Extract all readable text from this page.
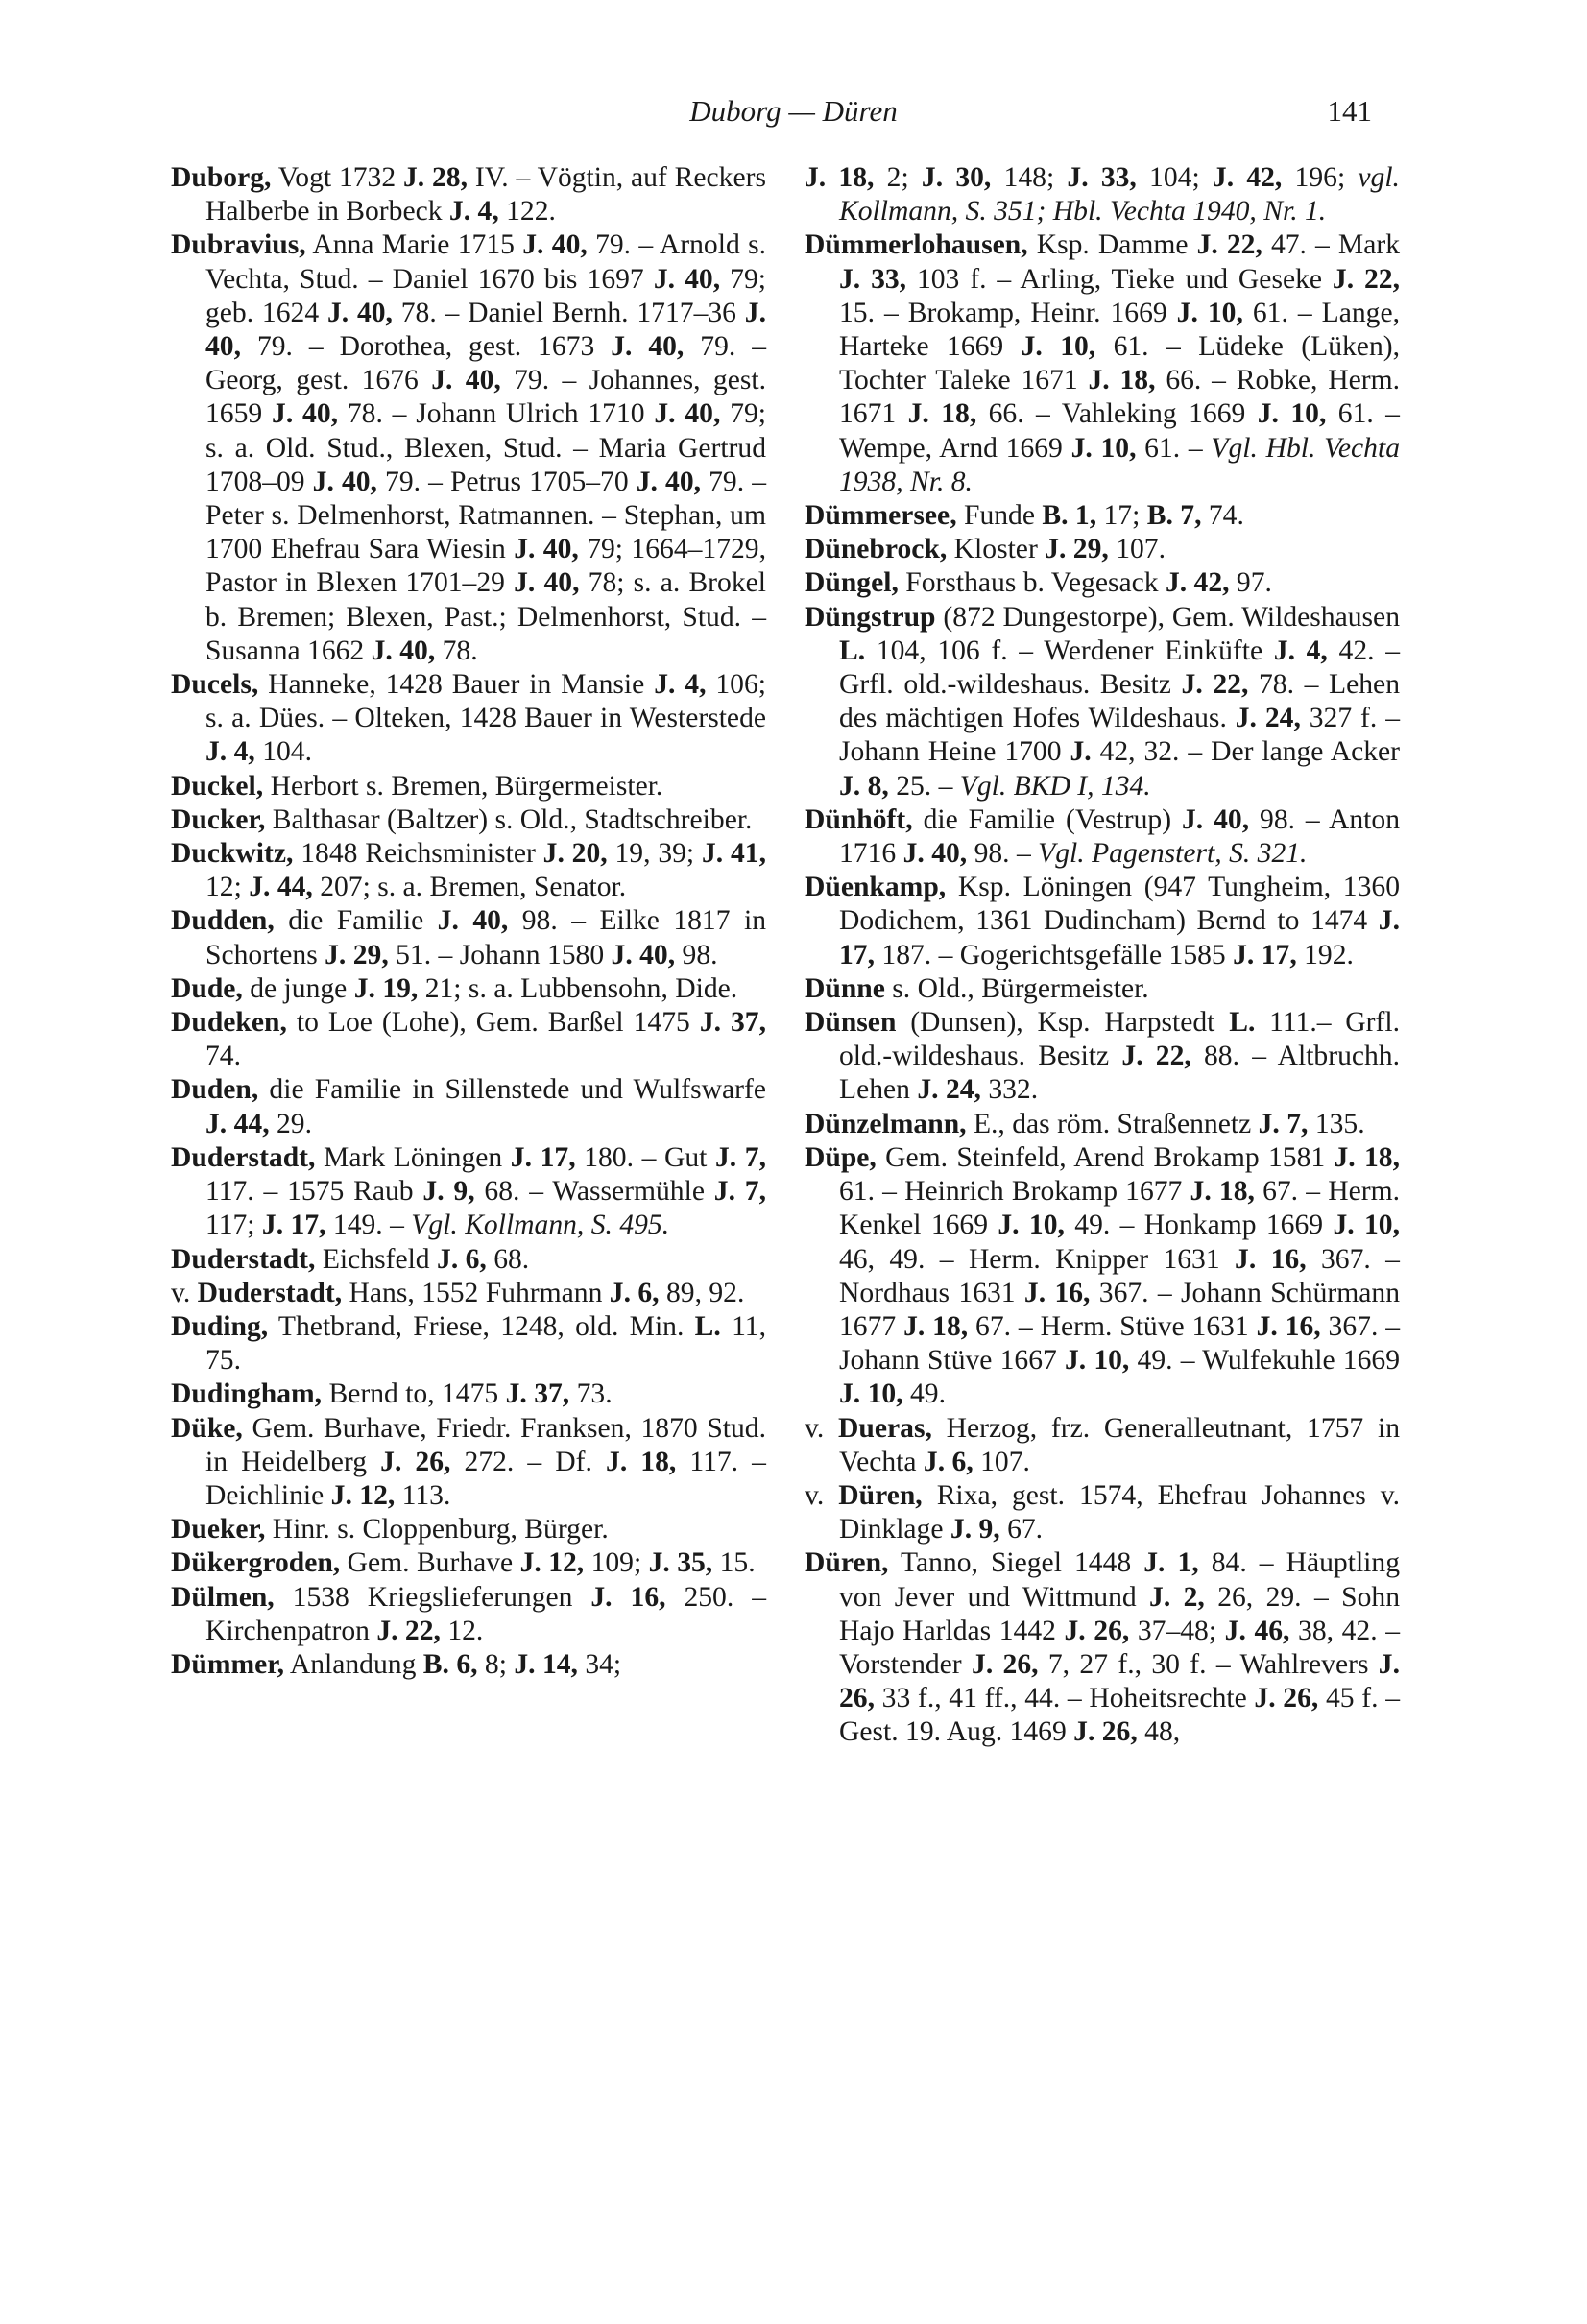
Duborg — Düren	141

Duborg, Vogt 1732 J. 28, IV. – Vögtin, auf Reckers Halberbe in Borbeck J. 4, 122.

Dubravius, Anna Marie 1715 J. 40, 79. – Arnold s. Vechta, Stud. – Daniel 1670 bis 1697 J. 40, 79; geb. 1624 J. 40, 78. – Daniel Bernh. 1717–36 J. 40, 79. – Dorothea, gest. 1673 J. 40, 79. – Georg, gest. 1676 J. 40, 79. – Johannes, gest. 1659 J. 40, 78. – Johann Ulrich 1710 J. 40, 79; s. a. Old. Stud., Blexen, Stud. – Maria Gertrud 1708–09 J. 40, 79. – Petrus 1705–70 J. 40, 79. – Peter s. Delmenhorst, Ratmannen. – Stephan, um 1700 Ehefrau Sara Wiesin J. 40, 79; 1664–1729, Pastor in Blexen 1701–29 J. 40, 78; s. a. Brokel b. Bremen; Blexen, Past.; Delmenhorst, Stud. – Susanna 1662 J. 40, 78.

Ducels, Hanneke, 1428 Bauer in Mansie J. 4, 106; s. a. Dües. – Olteken, 1428 Bauer in Westerstede J. 4, 104.

Duckel, Herbort s. Bremen, Bürgermeister.

Ducker, Balthasar (Baltzer) s. Old., Stadtschreiber.

Duckwitz, 1848 Reichsminister J. 20, 19, 39; J. 41, 12; J. 44, 207; s. a. Bremen, Senator.

Dudden, die Familie J. 40, 98. – Eilke 1817 in Schortens J. 29, 51. – Johann 1580 J. 40, 98.

Dude, de junge J. 19, 21; s. a. Lubbensohn, Dide.

Dudeken, to Loe (Lohe), Gem. Barßel 1475 J. 37, 74.

Duden, die Familie in Sillenstede und Wulfswarfe J. 44, 29.

Duderstadt, Mark Löningen J. 17, 180. – Gut J. 7, 117. – 1575 Raub J. 9, 68. – Wassermühle J. 7, 117; J. 17, 149. – Vgl. Kollmann, S. 495.

Duderstadt, Eichsfeld J. 6, 68.

v. Duderstadt, Hans, 1552 Fuhrmann J. 6, 89, 92.

Duding, Thetbrand, Friese, 1248, old. Min. L. 11, 75.

Dudingham, Bernd to, 1475 J. 37, 73.

Düke, Gem. Burhave, Friedr. Franksen, 1870 Stud. in Heidelberg J. 26, 272. – Df. J. 18, 117. – Deichlinie J. 12, 113.

Dueker, Hinr. s. Cloppenburg, Bürger.

Dükergroden, Gem. Burhave J. 12, 109; J. 35, 15.

Dülmen, 1538 Kriegslieferungen J. 16, 250. – Kirchenpatron J. 22, 12.

Dümmer, Anlandung B. 6, 8; J. 14, 34;

J. 18, 2; J. 30, 148; J. 33, 104; J. 42, 196; vgl. Kollmann, S. 351; Hbl. Vechta 1940, Nr. 1.

Dümmerlohausen, Ksp. Damme J. 22, 47. – Mark J. 33, 103 f. – Arling, Tieke und Geseke J. 22, 15. – Brokamp, Heinr. 1669 J. 10, 61. – Lange, Harteke 1669 J. 10, 61. – Lüdeke (Lüken), Tochter Taleke 1671 J. 18, 66. – Robke, Herm. 1671 J. 18, 66. – Vahleking 1669 J. 10, 61. – Wempe, Arnd 1669 J. 10, 61. – Vgl. Hbl. Vechta 1938, Nr. 8.

Dümmersee, Funde B. 1, 17; B. 7, 74.

Dünebrock, Kloster J. 29, 107.

Düngel, Forsthaus b. Vegesack J. 42, 97.

Düngstrup (872 Dungestorpe), Gem. Wildeshausen L. 104, 106 f. – Werdener Einküfte J. 4, 42. – Grfl. old.-wildeshaus. Besitz J. 22, 78. – Lehen des mächtigen Hofes Wildeshaus. J. 24, 327 f. – Johann Heine 1700 J. 42, 32. – Der lange Acker J. 8, 25. – Vgl. BKD I, 134.

Dünhöft, die Familie (Vestrup) J. 40, 98. – Anton 1716 J. 40, 98. – Vgl. Pagenstert, S. 321.

Düenkamp, Ksp. Löningen (947 Tungheim, 1360 Dodichem, 1361 Dudincham) Bernd to 1474 J. 17, 187. – Gogerichtsgefälle 1585 J. 17, 192.

Dünne s. Old., Bürgermeister.

Dünsen (Dunsen), Ksp. Harpstedt L. 111.– Grfl. old.-wildeshaus. Besitz J. 22, 88. – Altbruchh. Lehen J. 24, 332.

Dünzelmann, E., das röm. Straßennetz J. 7, 135.

Düpe, Gem. Steinfeld, Arend Brokamp 1581 J. 18, 61. – Heinrich Brokamp 1677 J. 18, 67. – Herm. Kenkel 1669 J. 10, 49. – Honkamp 1669 J. 10, 46, 49. – Herm. Knipper 1631 J. 16, 367. – Nordhaus 1631 J. 16, 367. – Johann Schürmann 1677 J. 18, 67. – Herm. Stüve 1631 J. 16, 367. – Johann Stüve 1667 J. 10, 49. – Wulfekuhle 1669 J. 10, 49.

v. Dueras, Herzog, frz. Generalleutnant, 1757 in Vechta J. 6, 107.

v. Düren, Rixa, gest. 1574, Ehefrau Johannes v. Dinklage J. 9, 67.

Düren, Tanno, Siegel 1448 J. 1, 84. – Häuptling von Jever und Wittmund J. 2, 26, 29. – Sohn Hajo Harldas 1442 J. 26, 37–48; J. 46, 38, 42. – Vorstender J. 26, 7, 27 f., 30 f. – Wahlrevers J. 26, 33 f., 41 ff., 44. – Hoheitsrechte J. 26, 45 f. – Gest. 19. Aug. 1469 J. 26, 48,
